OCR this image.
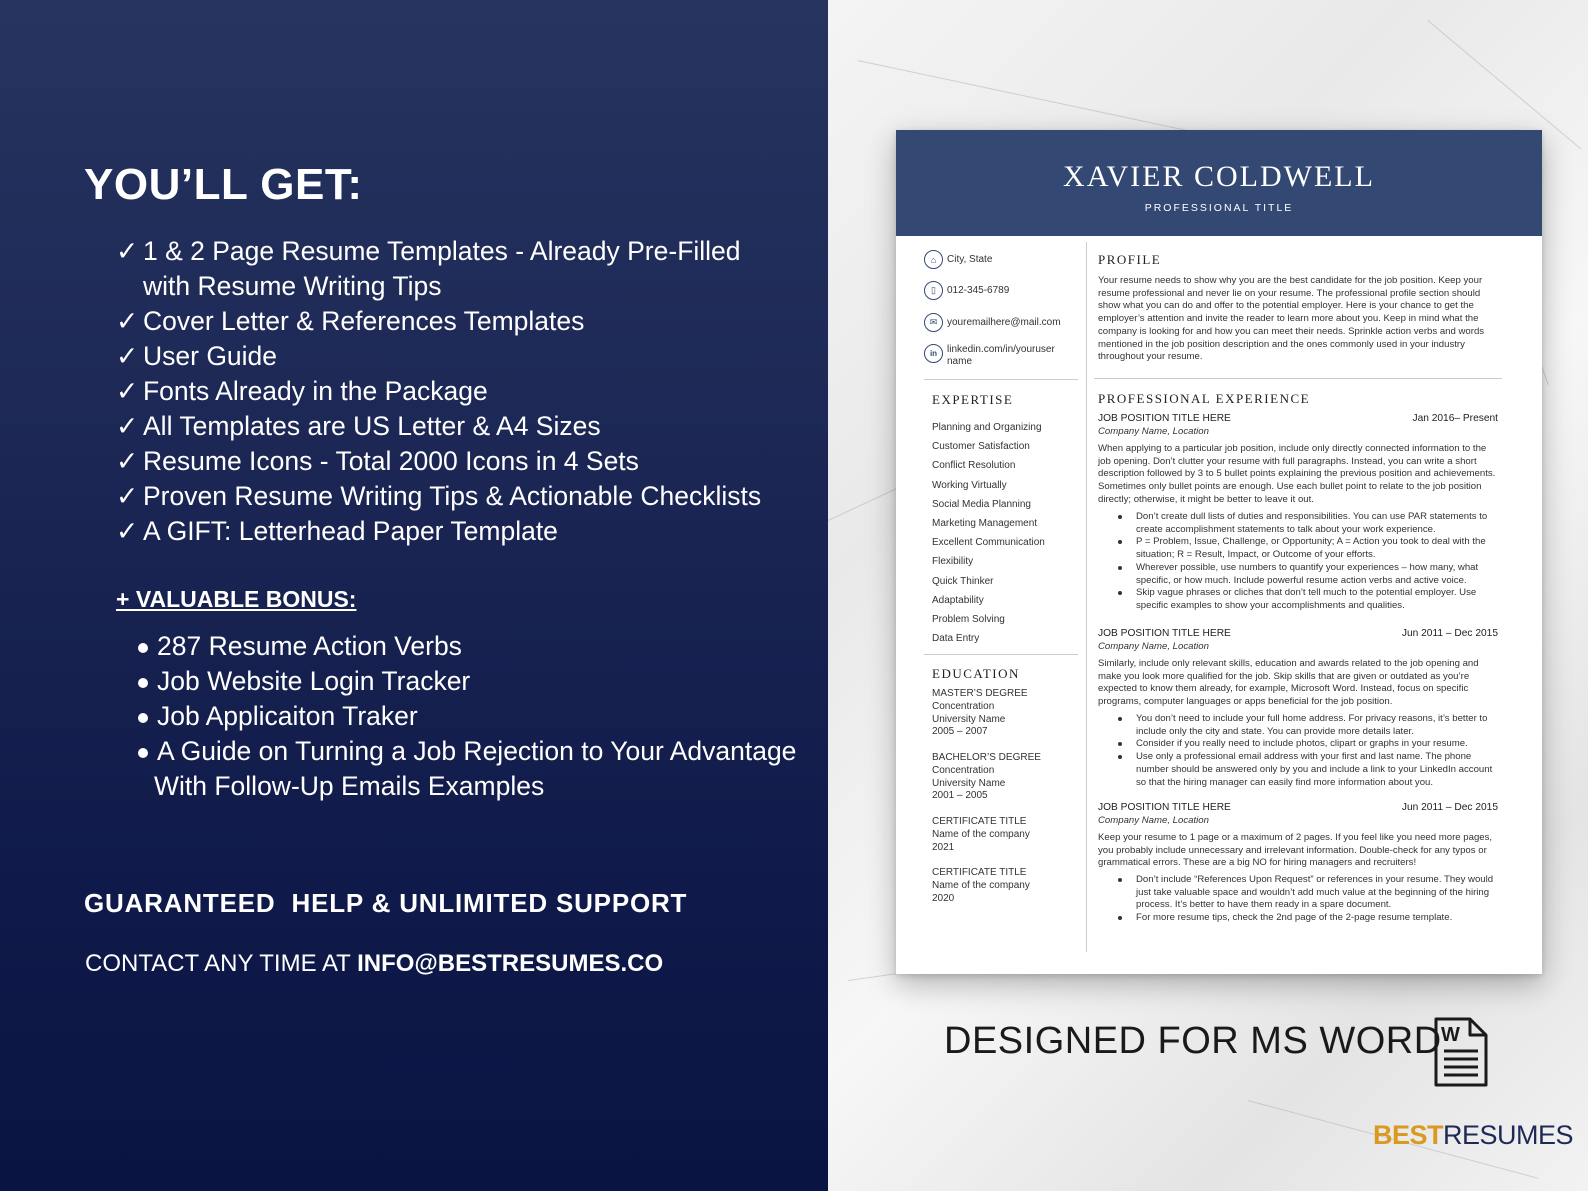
YOU’LL GET:
✓ 1 & 2 Page Resume Templates - Already Pre-Filled
with Resume Writing Tips
✓ Cover Letter & References Templates
✓ User Guide
✓ Fonts Already in the Package
✓ All Templates are US Letter & A4 Sizes
✓ Resume Icons - Total 2000 Icons in 4 Sets
✓ Proven Resume Writing Tips & Actionable Checklists
✓ A GIFT: Letterhead Paper Template

+ VALUABLE BONUS:

287 Resume Action Verbs
Job Website Login Tracker
Job Applicaiton Traker
A Guide on Turning a Job Rejection to Your Advantage
With Follow-Up Emails Examples

GUARANTEED  HELP & UNLIMITED SUPPORT

CONTACT ANY TIME AT INFO@BESTRESUMES.CO

XAVIER COLDWELL
PROFESSIONAL TITLE
⌂	City, State
▯	012-345-6789
✉ youremailhere@mail.com
in linkedin.com/in/youruser
name

EXPERTISE

Planning and Organizing
Customer Satisfaction
Conflict Resolution
Working Virtually
Social Media Planning
Marketing Management
Excellent Communication
Flexibility
Quick Thinker
Adaptability
Problem Solving
Data Entry

EDUCATION

MASTER’S DEGREE
Concentration
University Name
2005 – 2007
BACHELOR’S DEGREE
Concentration
University Name
2001 – 2005
CERTIFICATE TITLE
Name of the company
2021
CERTIFICATE TITLE
Name of the company
2020

PROFILE

Your resume needs to show why you are the best candidate for the job position. Keep your resume professional and never lie on your resume. The professional profile section should show what you can do and offer to the potential employer. Here is your chance to get the employer’s attention and invite the reader to learn more about you. Keep in mind what the company is looking for and how you can meet their needs. Sprinkle action verbs and words mentioned in the job position description and the ones commonly used in your industry throughout your resume.

PROFESSIONAL EXPERIENCE

JOB POSITION TITLE HERE	Jan 2016– Present
Company Name, Location

When applying to a particular job position, include only directly connected information to the job opening. Don’t clutter your resume with full paragraphs. Instead, you can write a short description followed by 3 to 5 bullet points explaining the previous position and achievements. Sometimes only bullet points are enough. Use each bullet point to relate to the job position directly; otherwise, it might be better to leave it out.

Don’t create dull lists of duties and responsibilities. You can use PAR statements to create accomplishment statements to talk about your work experience.
P = Problem, Issue, Challenge, or Opportunity; A = Action you took to deal with the situation; R = Result, Impact, or Outcome of your efforts.
Wherever possible, use numbers to quantify your experiences – how many, what specific, or how much. Include powerful resume action verbs and active voice.
Skip vague phrases or cliches that don’t tell much to the potential employer. Use specific examples to show your accomplishments and qualities.
JOB POSITION TITLE HERE	Jun 2011 – Dec 2015
Company Name, Location

Similarly, include only relevant skills, education and awards related to the job opening and make you look more qualified for the job. Skip skills that are given or outdated as you’re expected to know them already, for example, Microsoft Word. Instead, focus on specific programs, computer languages or apps beneficial for the job position.

You don’t need to include your full home address. For privacy reasons, it’s better to include only the city and state. You can provide more details later.
Consider if you really need to include photos, clipart or graphs in your resume.
Use only a professional email address with your first and last name. The phone number should be answered only by you and include a link to your LinkedIn account so that the hiring manager can easily find more information about you.
JOB POSITION TITLE HERE	Jun 2011 – Dec 2015
Company Name, Location

Keep your resume to 1 page or a maximum of 2 pages. If you feel like you need more pages, you probably include unnecessary and irrelevant information. Double-check for any typos or grammatical errors. These are a big NO for hiring managers and recruiters!

Don’t include “References Upon Request” or references in your resume. They would just take valuable space and wouldn’t add much value at the beginning of the hiring process. It’s better to have them ready in a spare document.
For more resume tips, check the 2nd page of the 2-page resume template.
DESIGNED FOR MS WORD W
BESTRESUMES
